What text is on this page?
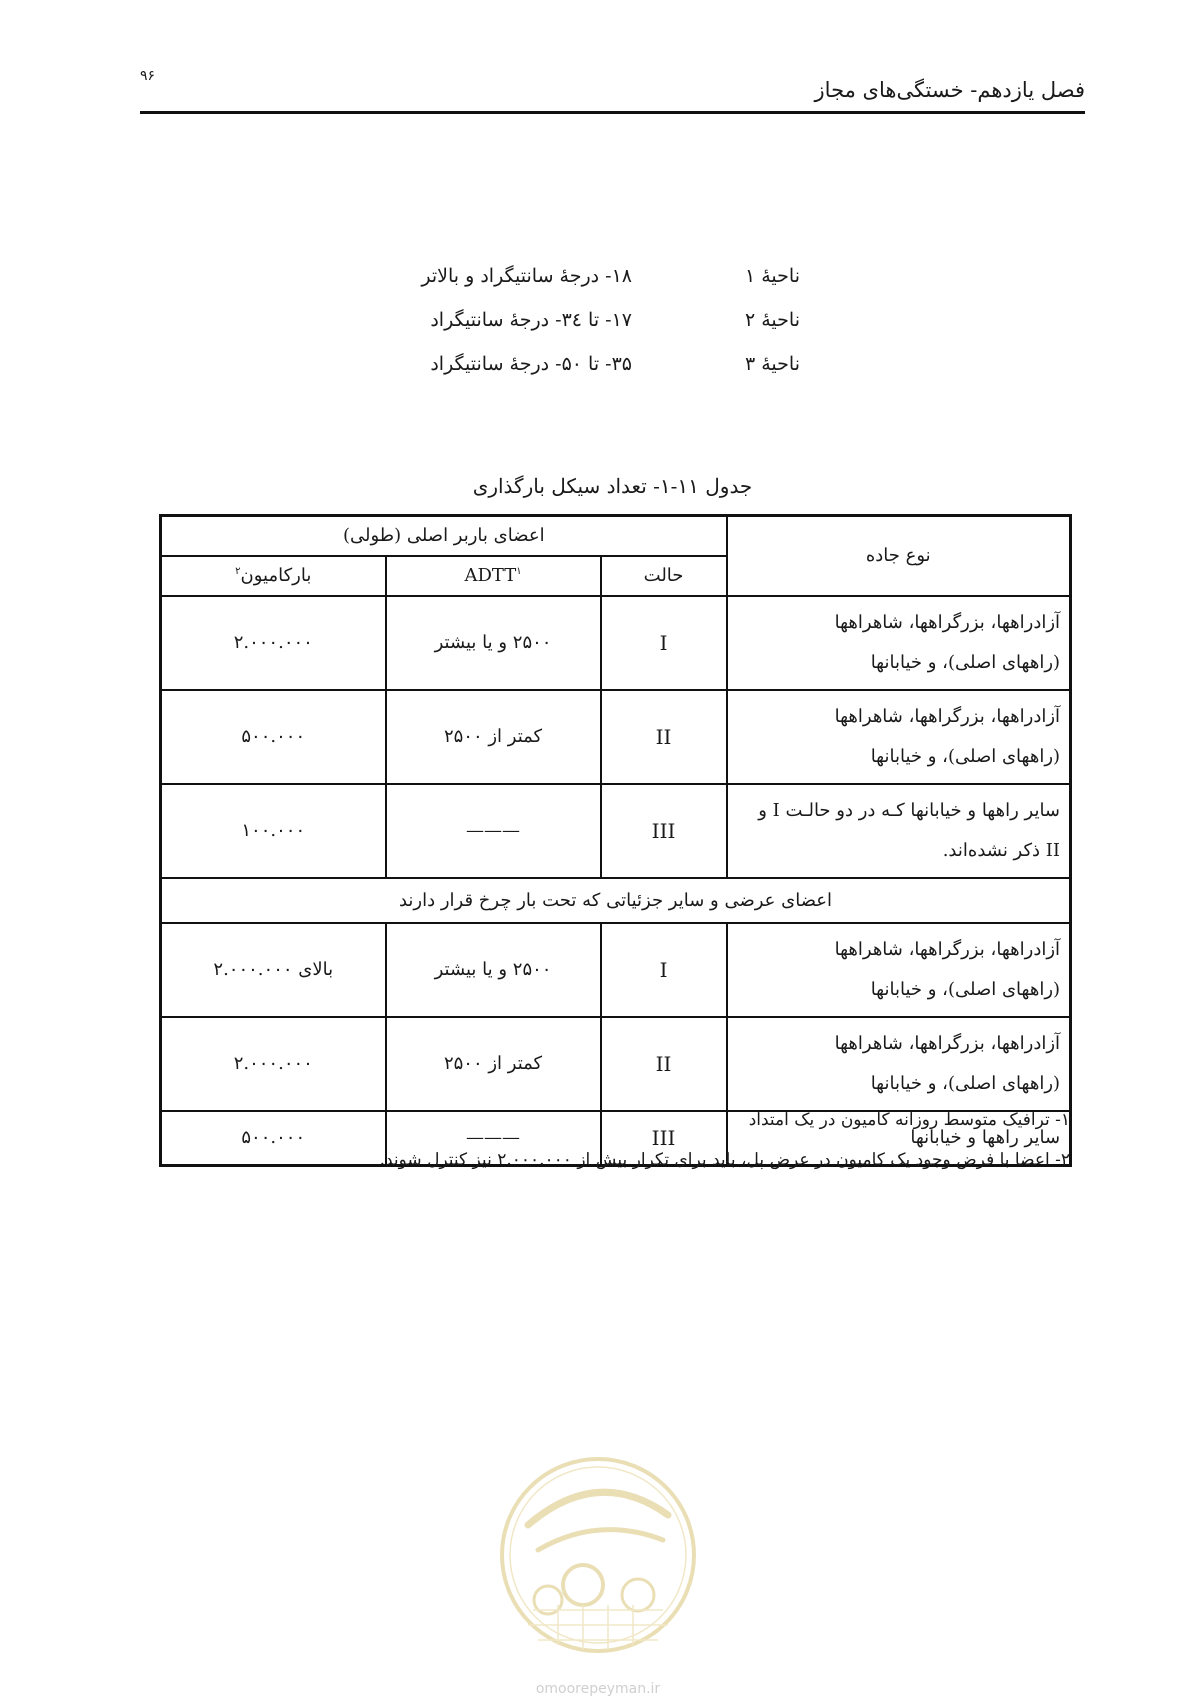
۹۶
فصل یازدهم- خستگی‌های مجاز
ناحیهٔ ۱
۱۸- درجهٔ سانتیگراد و بالاتر
ناحیهٔ ۲
۱۷- تا ۳٤- درجهٔ سانتیگراد
ناحیهٔ ۳
۳۵- تا ۵۰- درجهٔ سانتیگراد
جدول ۱۱-۱- تعداد سیکل بارگذاری
نوع جاده	اعضای باربر اصلی (طولی)		
	حالت	ADTT$^۱$	بارکامیون$^۲$

آزادراهها، بزرگراهها، شاهراهها
(راههای اصلی)، و خیابانها	I	۲۵۰۰ و یا بیشتر	۲.۰۰۰.۰۰۰

آزادراهها، بزرگراهها، شاهراهها
(راههای اصلی)، و خیابانها	II	کمتر از ۲۵۰۰	۵۰۰.۰۰۰

سایر راهها و خیابانها کـه در دو حالـت I و
II ذکر نشده‌اند.	III	———	۱۰۰.۰۰۰
اعضای عرضی و سایر جزئیاتی که تحت بار چرخ قرار دارند			

آزادراهها، بزرگراهها، شاهراهها
(راههای اصلی)، و خیابانها	I	۲۵۰۰ و یا بیشتر	بالای ۲.۰۰۰.۰۰۰

آزادراهها، بزرگراهها، شاهراهها
(راههای اصلی)، و خیابانها	II	کمتر از ۲۵۰۰	۲.۰۰۰.۰۰۰

سایر راهها و خیابانها	III	———	۵۰۰.۰۰۰
۱- ترافیک متوسط روزانه کامیون در یک امتداد
۲- اعضا با فرض وجود یک کامیون در عرض پل، باید برای تکرار بیش از ۲.۰۰۰.۰۰۰ نیز کنترل شوند.
omoorepeyman.ir
